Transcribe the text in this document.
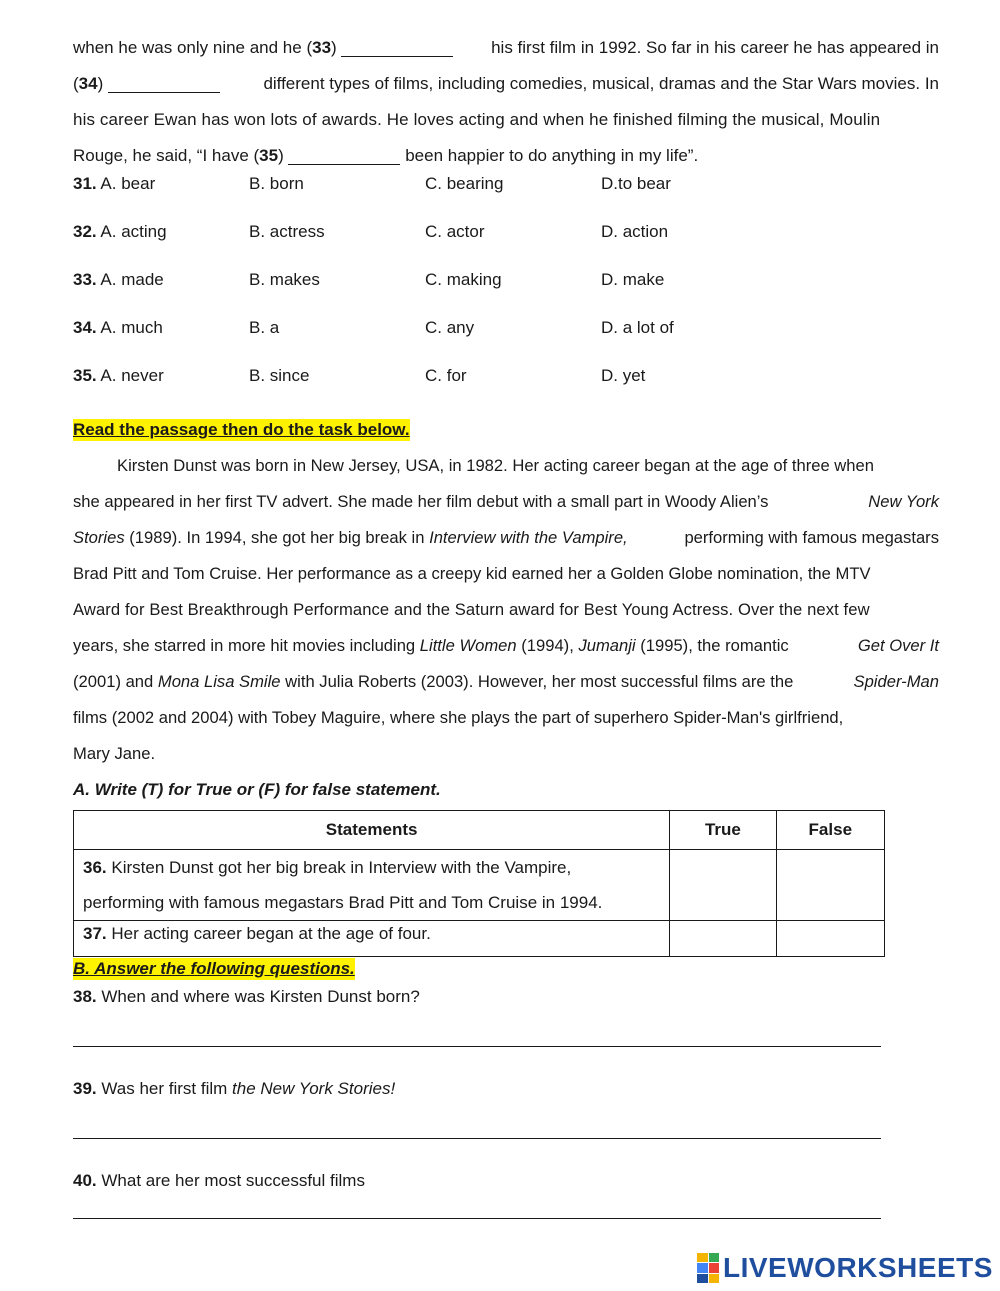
when he was only nine and he (33)	his first film in 1992. So far in his career he has appeared in
(34)	different types of films, including comedies, musical, dramas and the Star Wars movies. In
his career Ewan has won lots of awards. He loves acting and when he finished filming the musical, Moulin
Rouge, he said, “I have (35)	been happier to do anything in my life”.
31. A. bear	B. born	C. bearing	D.to bear
32. A. acting	B. actress	C. actor	D. action
33. A. made	B. makes	C. making	D. make
34. A. much	B. a	C. any	D. a lot of
35. A. never	B. since	C. for	D. yet
Read the passage then do the task below.
Kirsten Dunst was born in New Jersey, USA, in 1982. Her acting career began at the age of three when
she appeared in her first TV advert. She made her film debut with a small part in Woody Alien’s	New York
Stories (1989). In 1994, she got her big break in Interview with the Vampire,	performing with famous megastars
Brad Pitt and Tom Cruise. Her performance as a creepy kid earned her a Golden Globe nomination, the MTV
Award for Best Breakthrough Performance and the Saturn award for Best Young Actress. Over the next few
years, she starred in more hit movies including Little Women (1994), Jumanji (1995), the romantic	Get Over It
(2001) and Mona Lisa Smile with Julia Roberts (2003). However, her most successful films are the	Spider-Man
films (2002 and 2004) with Tobey Maguire, where she plays the part of superhero Spider-Man's girlfriend,
Mary Jane.
A. Write (T) for True or (F) for false statement.
Statements	True	False

36. Kirsten Dunst got her big break in Interview with the Vampire,
performing with famous megastars Brad Pitt and Tom Cruise in 1994.		

37. Her acting career began at the age of four.		
B. Answer the following questions.
38. When and where was Kirsten Dunst born?
39. Was her first film the New York Stories!
40. What are her most successful films
LIVEWORKSHEETS
